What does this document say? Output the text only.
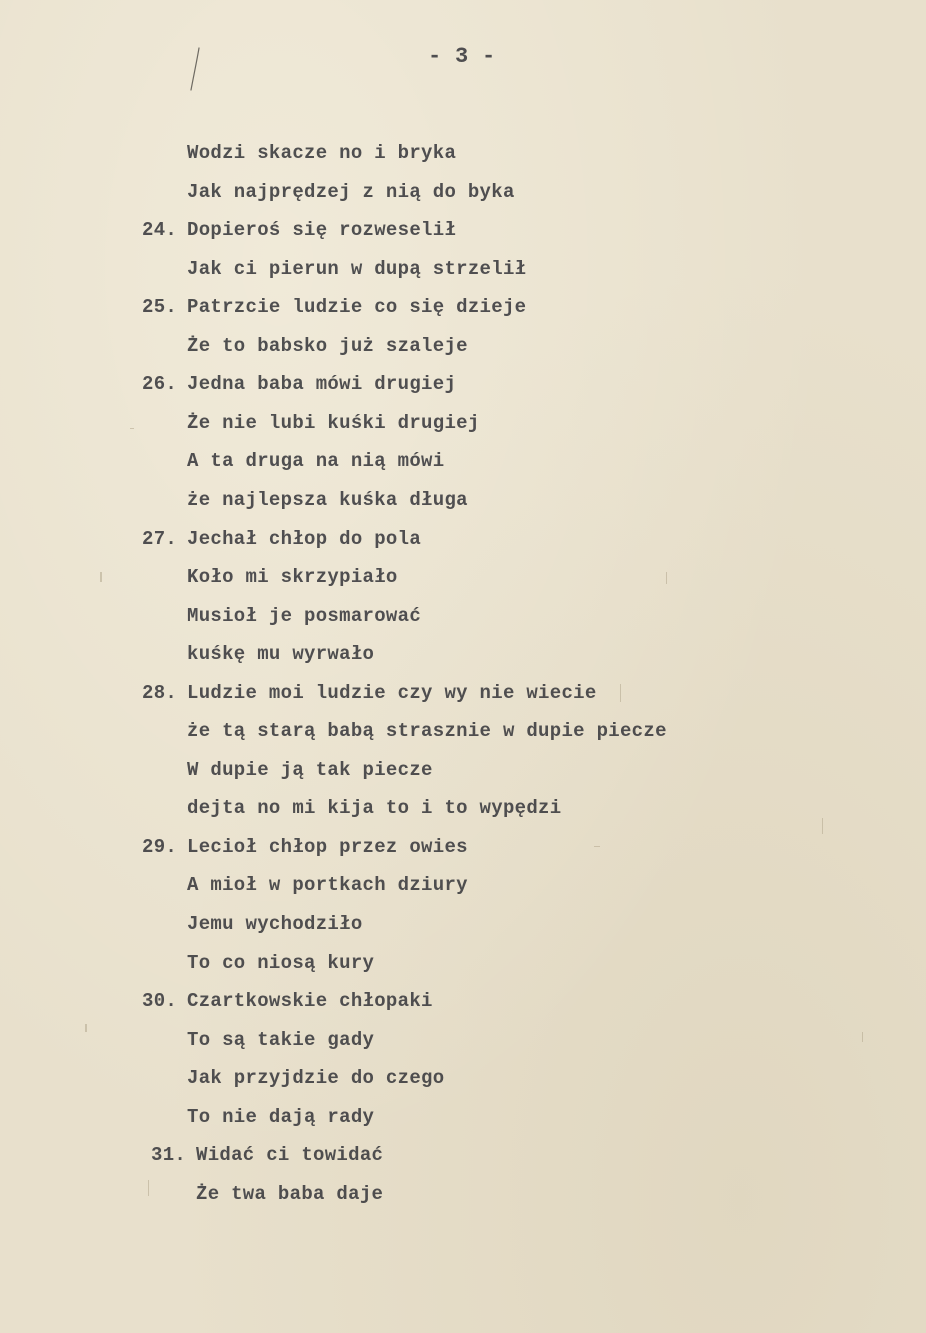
- 3 -
Wodzi skacze no i bryka
Jak najprędzej z nią do byka
24. Dopieroś się rozweselił
Jak ci pierun w dupą strzelił
25. Patrzcie ludzie co się dzieje
Że to babsko już szaleje
26. Jedna baba mówi drugiej
Że nie lubi kuśki drugiej
A ta druga na nią mówi
że najlepsza kuśka długa
27. Jechał chłop do pola
Koło mi skrzypiało
Musioł je posmarować
kuśkę mu wyrwało
28. Ludzie moi ludzie czy wy nie wiecie
że tą starą babą strasznie w dupie piecze
W dupie ją tak piecze
dejta no mi kija to i to wypędzi
29. Lecioł chłop przez owies
A mioł w portkach dziury
Jemu wychodziło
To co niosą kury
30. Czartkowskie chłopaki
To są takie gady
Jak przyjdzie do czego
To nie dają rady
31. Widać ci towidać
Że twa baba daje
